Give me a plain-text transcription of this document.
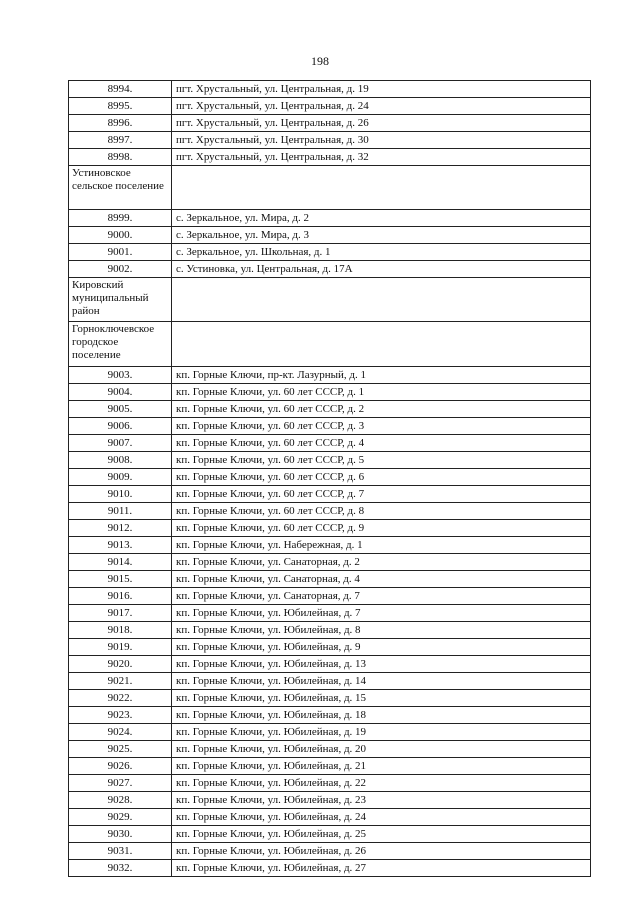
198
8994.	пгт. Хрустальный, ул. Центральная, д. 19
8995.	пгт. Хрустальный, ул. Центральная, д. 24
8996.	пгт. Хрустальный, ул. Центральная, д. 26
8997.	пгт. Хрустальный, ул. Центральная, д. 30
8998.	пгт. Хрустальный, ул. Центральная, д. 32
Устиновское сельское поселение	
8999.	с. Зеркальное, ул. Мира, д. 2
9000.	с. Зеркальное, ул. Мира, д. 3
9001.	с. Зеркальное, ул. Школьная, д. 1
9002.	с. Устиновка, ул. Центральная, д. 17А
Кировский муниципальный район	
Горноключевское городское поселение	
9003.	кп. Горные Ключи, пр-кт. Лазурный, д. 1
9004.	кп. Горные Ключи, ул. 60 лет СССР, д. 1
9005.	кп. Горные Ключи, ул. 60 лет СССР, д. 2
9006.	кп. Горные Ключи, ул. 60 лет СССР, д. 3
9007.	кп. Горные Ключи, ул. 60 лет СССР, д. 4
9008.	кп. Горные Ключи, ул. 60 лет СССР, д. 5
9009.	кп. Горные Ключи, ул. 60 лет СССР, д. 6
9010.	кп. Горные Ключи, ул. 60 лет СССР, д. 7
9011.	кп. Горные Ключи, ул. 60 лет СССР, д. 8
9012.	кп. Горные Ключи, ул. 60 лет СССР, д. 9
9013.	кп. Горные Ключи, ул. Набережная, д. 1
9014.	кп. Горные Ключи, ул. Санаторная, д. 2
9015.	кп. Горные Ключи, ул. Санаторная, д. 4
9016.	кп. Горные Ключи, ул. Санаторная, д. 7
9017.	кп. Горные Ключи, ул. Юбилейная, д. 7
9018.	кп. Горные Ключи, ул. Юбилейная, д. 8
9019.	кп. Горные Ключи, ул. Юбилейная, д. 9
9020.	кп. Горные Ключи, ул. Юбилейная, д. 13
9021.	кп. Горные Ключи, ул. Юбилейная, д. 14
9022.	кп. Горные Ключи, ул. Юбилейная, д. 15
9023.	кп. Горные Ключи, ул. Юбилейная, д. 18
9024.	кп. Горные Ключи, ул. Юбилейная, д. 19
9025.	кп. Горные Ключи, ул. Юбилейная, д. 20
9026.	кп. Горные Ключи, ул. Юбилейная, д. 21
9027.	кп. Горные Ключи, ул. Юбилейная, д. 22
9028.	кп. Горные Ключи, ул. Юбилейная, д. 23
9029.	кп. Горные Ключи, ул. Юбилейная, д. 24
9030.	кп. Горные Ключи, ул. Юбилейная, д. 25
9031.	кп. Горные Ключи, ул. Юбилейная, д. 26
9032.	кп. Горные Ключи, ул. Юбилейная, д. 27
